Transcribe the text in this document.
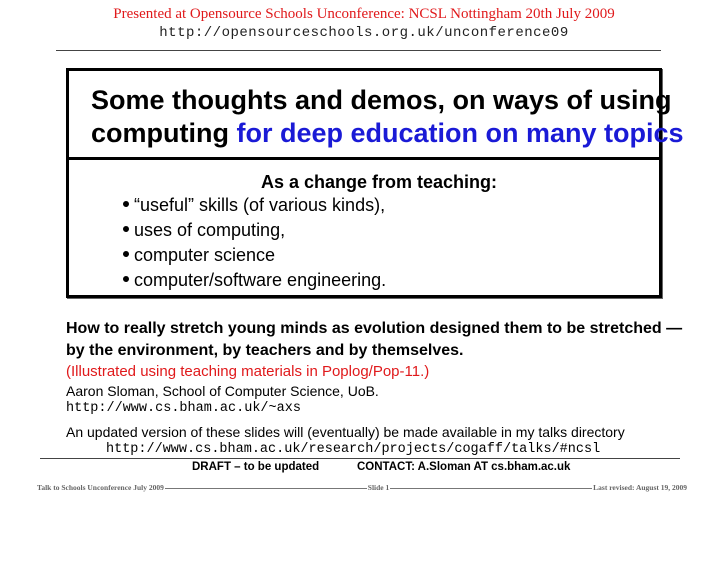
Presented at Opensource Schools Unconference: NCSL Nottingham 20th July 2009
http://opensourceschools.org.uk/unconference09
Some thoughts and demos, on ways of using
computing for deep education on many topics
As a change from teaching:
“useful” skills (of various kinds),
uses of computing,
computer science
computer/software engineering.
How to really stretch young minds as evolution designed them to be stretched —
by the environment, by teachers and by themselves.
(Illustrated using teaching materials in Poplog/Pop-11.)
Aaron Sloman, School of Computer Science, UoB.
http://www.cs.bham.ac.uk/~axs
An updated version of these slides will (eventually) be made available in my talks directory
http://www.cs.bham.ac.uk/research/projects/cogaff/talks/#ncsl
DRAFT – to be updated	CONTACT: A.Sloman AT cs.bham.ac.uk
Talk to Schools Unconference July 2009	Slide 1	Last revised: August 19, 2009
